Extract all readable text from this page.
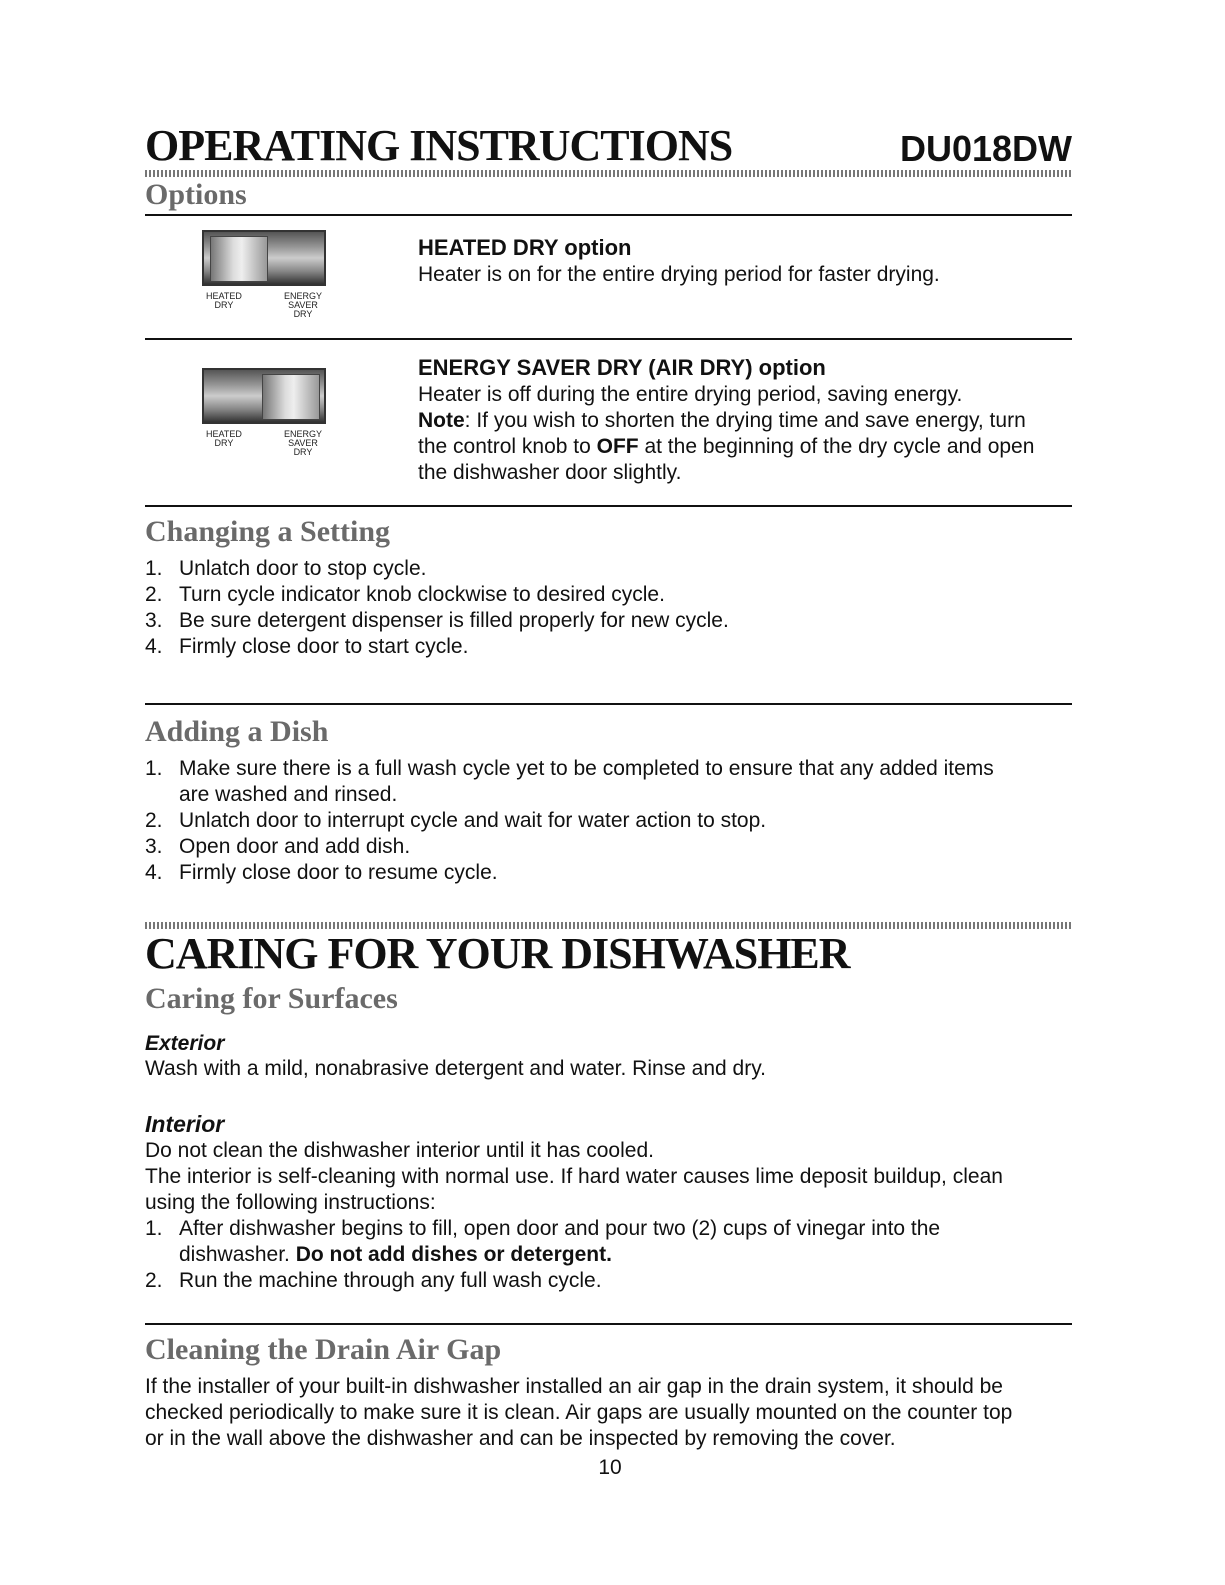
OPERATING INSTRUCTIONS	DU018DW
Options
HEATED
DRY
ENERGY
SAVER
DRY
HEATED DRY option
Heater is on for the entire drying period for faster drying.
HEATED
DRY
ENERGY
SAVER
DRY
ENERGY SAVER DRY (AIR DRY) option
Heater is off during the entire drying period, saving energy.
Note: If you wish to shorten the drying time and save energy, turn
the control knob to OFF at the beginning of the dry cycle and open
the dishwasher door slightly.
Changing a Setting
1. Unlatch door to stop cycle.
2. Turn cycle indicator knob clockwise to desired cycle.
3. Be sure detergent dispenser is filled properly for new cycle.
4. Firmly close door to start cycle.
Adding a Dish
1. Make sure there is a full wash cycle yet to be completed to ensure that any added items
are washed and rinsed.
2. Unlatch door to interrupt cycle and wait for water action to stop.
3. Open door and add dish.
4. Firmly close door to resume cycle.
CARING FOR YOUR DISHWASHER
Caring for Surfaces
Exterior
Wash with a mild, nonabrasive detergent and water. Rinse and dry.
Interior
Do not clean the dishwasher interior until it has cooled.
The interior is self-cleaning with normal use. If hard water causes lime deposit buildup, clean
using the following instructions:
1. After dishwasher begins to fill, open door and pour two (2) cups of vinegar into the
dishwasher. Do not add dishes or detergent.
2. Run the machine through any full wash cycle.
Cleaning the Drain Air Gap
If the installer of your built-in dishwasher installed an air gap in the drain system, it should be
checked periodically to make sure it is clean. Air gaps are usually mounted on the counter top
or in the wall above the dishwasher and can be inspected by removing the cover.
10
